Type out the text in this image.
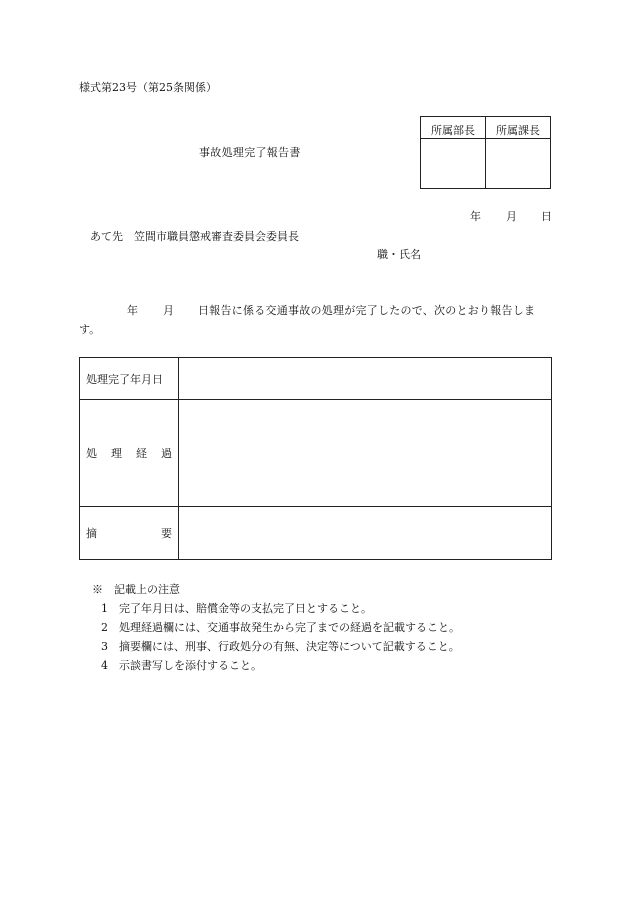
様式第23号（第25条関係）
事故処理完了報告書
所属部長	所属課長
年 月 日
あて先　笠間市職員懲戒審査委員会委員長
職・氏名
年 月 日報告に係る交通事故の処理が完了したので、次のとおり報告しま
す。
処理完了年月日
処 理 経 過
摘	要
※　記載上の注意
1　完了年月日は、賠償金等の支払完了日とすること。
2　処理経過欄には、交通事故発生から完了までの経過を記載すること。
3　摘要欄には、刑事、行政処分の有無、決定等について記載すること。
4　示談書写しを添付すること。
